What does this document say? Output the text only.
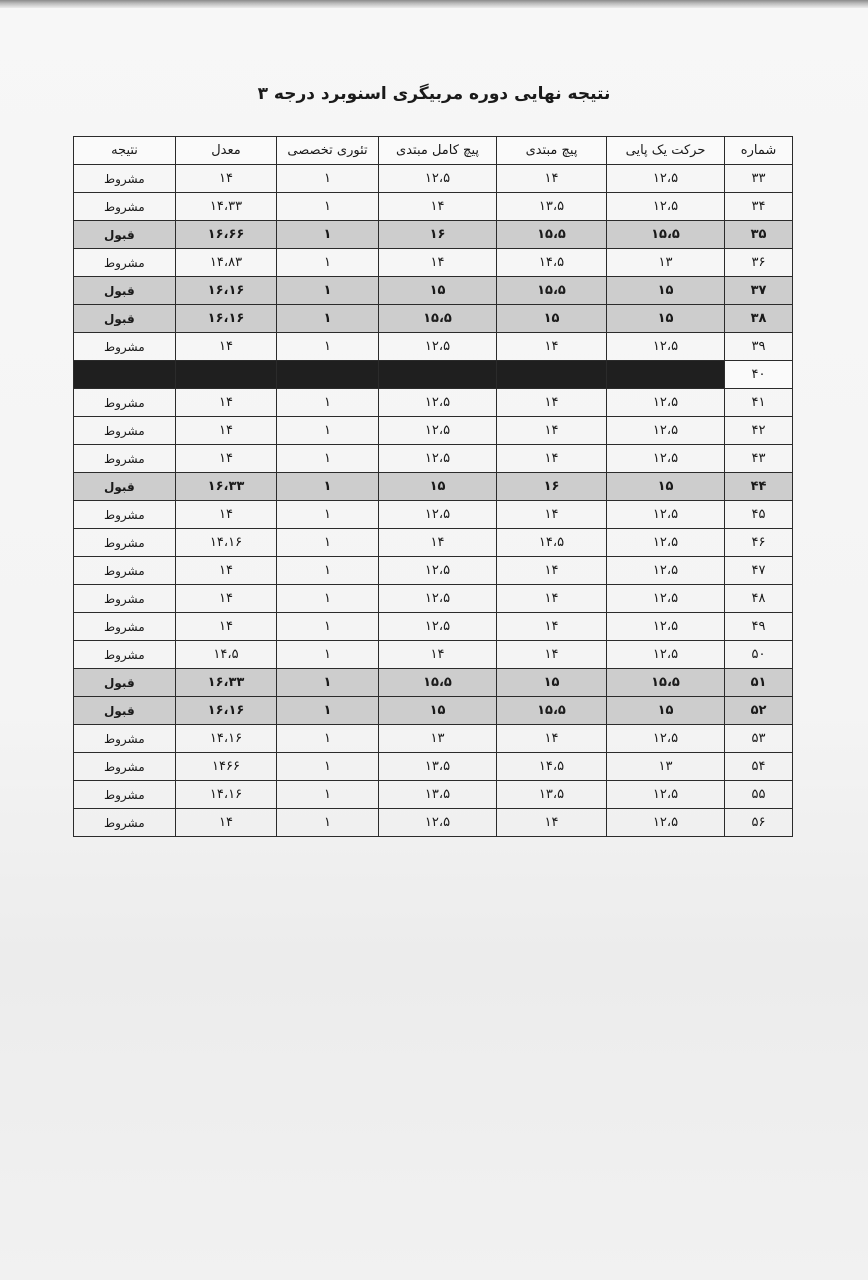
نتیجه نهایی دوره مربیگری اسنوبرد درجه ۳
شماره	حرکت یک پایی	پیچ مبتدی	پیچ کامل مبتدی	تئوری تخصصی	معدل	نتیجه
۳۳	۱۲،۵	۱۴	۱۲،۵	۱	۱۴	مشروط
۳۴	۱۲،۵	۱۳،۵	۱۴	۱	۱۴،۳۳	مشروط
۳۵	۱۵،۵	۱۵،۵	۱۶	۱	۱۶،۶۶	قبول
۳۶	۱۳	۱۴،۵	۱۴	۱	۱۴،۸۳	مشروط
۳۷	۱۵	۱۵،۵	۱۵	۱	۱۶،۱۶	قبول
۳۸	۱۵	۱۵	۱۵،۵	۱	۱۶،۱۶	قبول
۳۹	۱۲،۵	۱۴	۱۲،۵	۱	۱۴	مشروط
۴۰						
۴۱	۱۲،۵	۱۴	۱۲،۵	۱	۱۴	مشروط
۴۲	۱۲،۵	۱۴	۱۲،۵	۱	۱۴	مشروط
۴۳	۱۲،۵	۱۴	۱۲،۵	۱	۱۴	مشروط
۴۴	۱۵	۱۶	۱۵	۱	۱۶،۳۳	قبول
۴۵	۱۲،۵	۱۴	۱۲،۵	۱	۱۴	مشروط
۴۶	۱۲،۵	۱۴،۵	۱۴	۱	۱۴،۱۶	مشروط
۴۷	۱۲،۵	۱۴	۱۲،۵	۱	۱۴	مشروط
۴۸	۱۲،۵	۱۴	۱۲،۵	۱	۱۴	مشروط
۴۹	۱۲،۵	۱۴	۱۲،۵	۱	۱۴	مشروط
۵۰	۱۲،۵	۱۴	۱۴	۱	۱۴،۵	مشروط
۵۱	۱۵،۵	۱۵	۱۵،۵	۱	۱۶،۳۳	قبول
۵۲	۱۵	۱۵،۵	۱۵	۱	۱۶،۱۶	قبول
۵۳	۱۲،۵	۱۴	۱۳	۱	۱۴،۱۶	مشروط
۵۴	۱۳	۱۴،۵	۱۳،۵	۱	۱۴۶۶	مشروط
۵۵	۱۲،۵	۱۳،۵	۱۳،۵	۱	۱۴،۱۶	مشروط
۵۶	۱۲،۵	۱۴	۱۲،۵	۱	۱۴	مشروط
